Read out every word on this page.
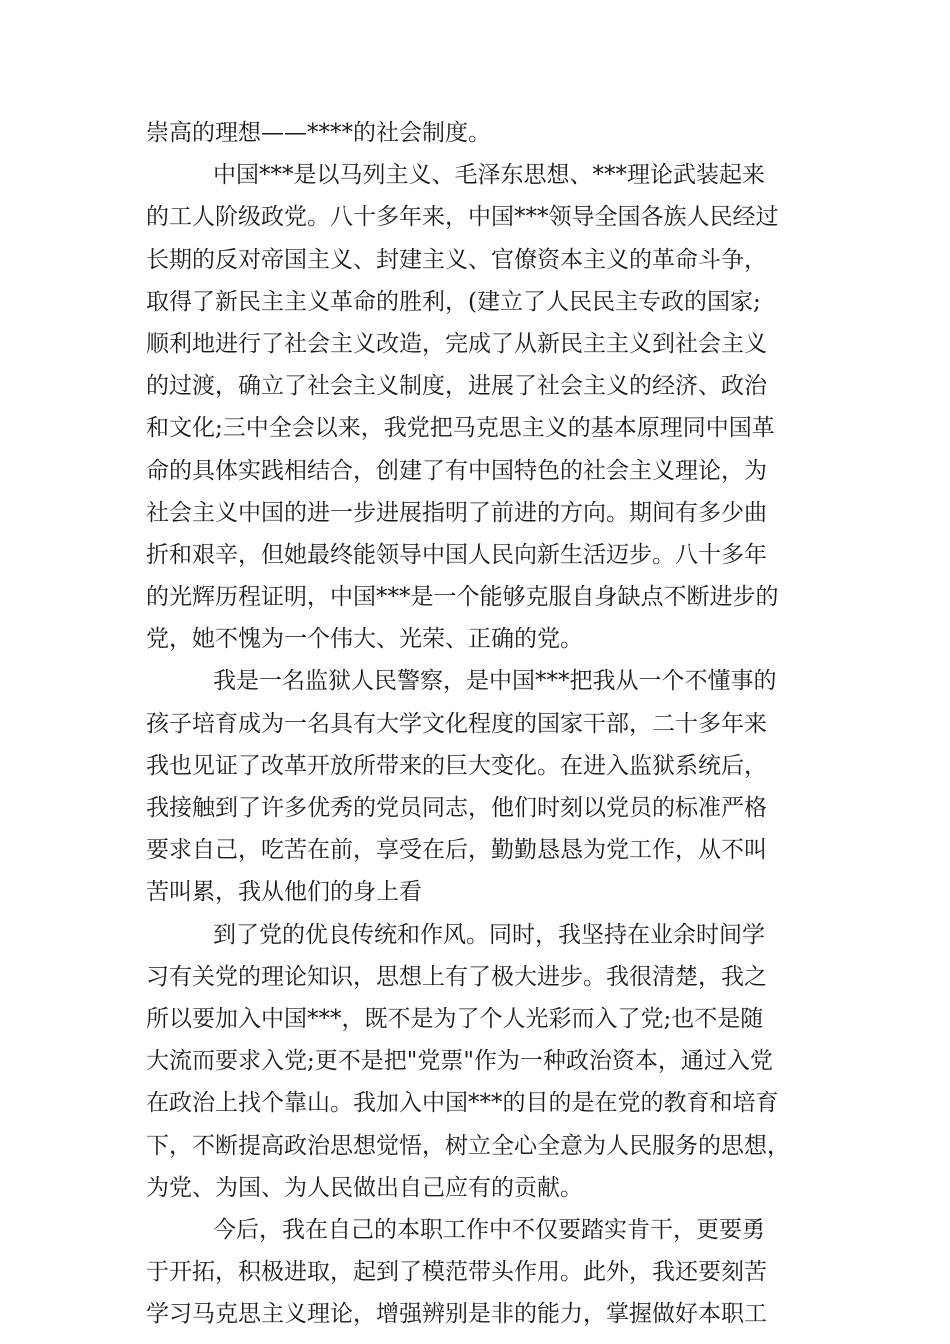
崇高的理想——****的社会制度。
中国***是以马列主义、毛泽东思想、***理论武装起来
的工人阶级政党。八十多年来，中国***领导全国各族人民经过
长期的反对帝国主义、封建主义、官僚资本主义的革命斗争，
取得了新民主主义革命的胜利，(建立了人民民主专政的国家;
顺利地进行了社会主义改造，完成了从新民主主义到社会主义
的过渡，确立了社会主义制度，进展了社会主义的经济、政治
和文化;三中全会以来，我党把马克思主义的基本原理同中国革
命的具体实践相结合，创建了有中国特色的社会主义理论，为
社会主义中国的进一步进展指明了前进的方向。期间有多少曲
折和艰辛，但她最终能领导中国人民向新生活迈步。八十多年
的光辉历程证明，中国***是一个能够克服自身缺点不断进步的
党，她不愧为一个伟大、光荣、正确的党。
我是一名监狱人民警察，是中国***把我从一个不懂事的
孩子培育成为一名具有大学文化程度的国家干部，二十多年来
我也见证了改革开放所带来的巨大变化。在进入监狱系统后，
我接触到了许多优秀的党员同志，他们时刻以党员的标准严格
要求自己，吃苦在前，享受在后，勤勤恳恳为党工作，从不叫
苦叫累，我从他们的身上看
到了党的优良传统和作风。同时，我坚持在业余时间学
习有关党的理论知识，思想上有了极大进步。我很清楚，我之
所以要加入中国***，既不是为了个人光彩而入了党;也不是随
大流而要求入党;更不是把"党票"作为一种政治资本，通过入党
在政治上找个靠山。我加入中国***的目的是在党的教育和培育
下，不断提高政治思想觉悟，树立全心全意为人民服务的思想，
为党、为国、为人民做出自己应有的贡献。
今后，我在自己的本职工作中不仅要踏实肯干，更要勇
于开拓，积极进取，起到了模范带头作用。此外，我还要刻苦
学习马克思主义理论，增强辨别是非的能力，掌握做好本职工
